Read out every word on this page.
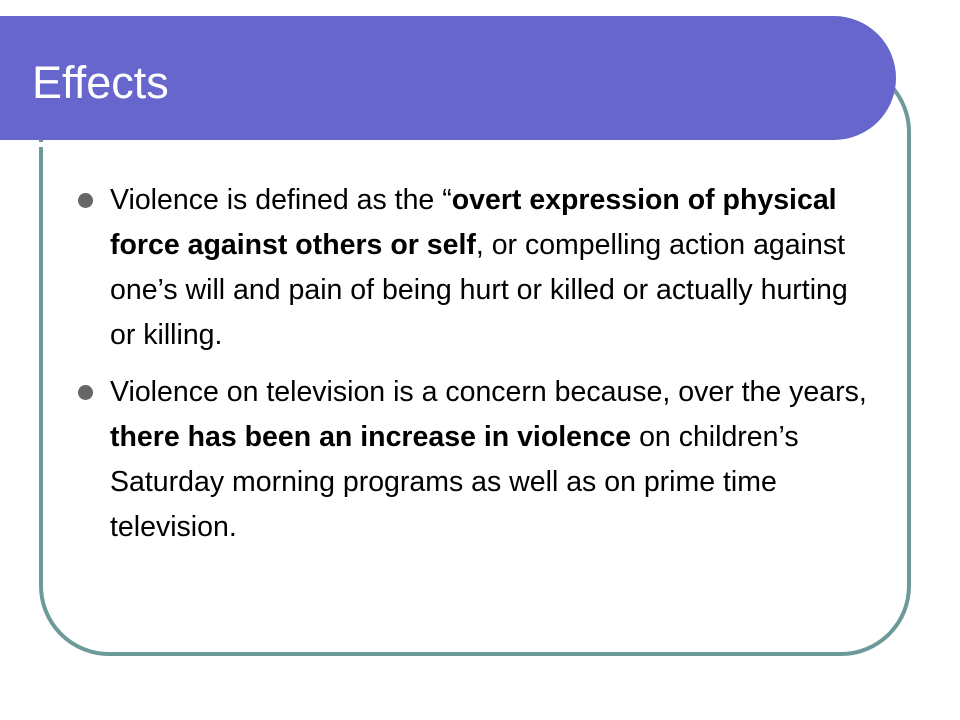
Effects
Violence is defined as the “overt expression of physical force against others or self, or compelling action against one’s will and pain of being hurt or killed or actually hurting or killing.
Violence on television is a concern because, over the years, there has been an increase in violence on children’s Saturday morning programs as well as on prime time television.
